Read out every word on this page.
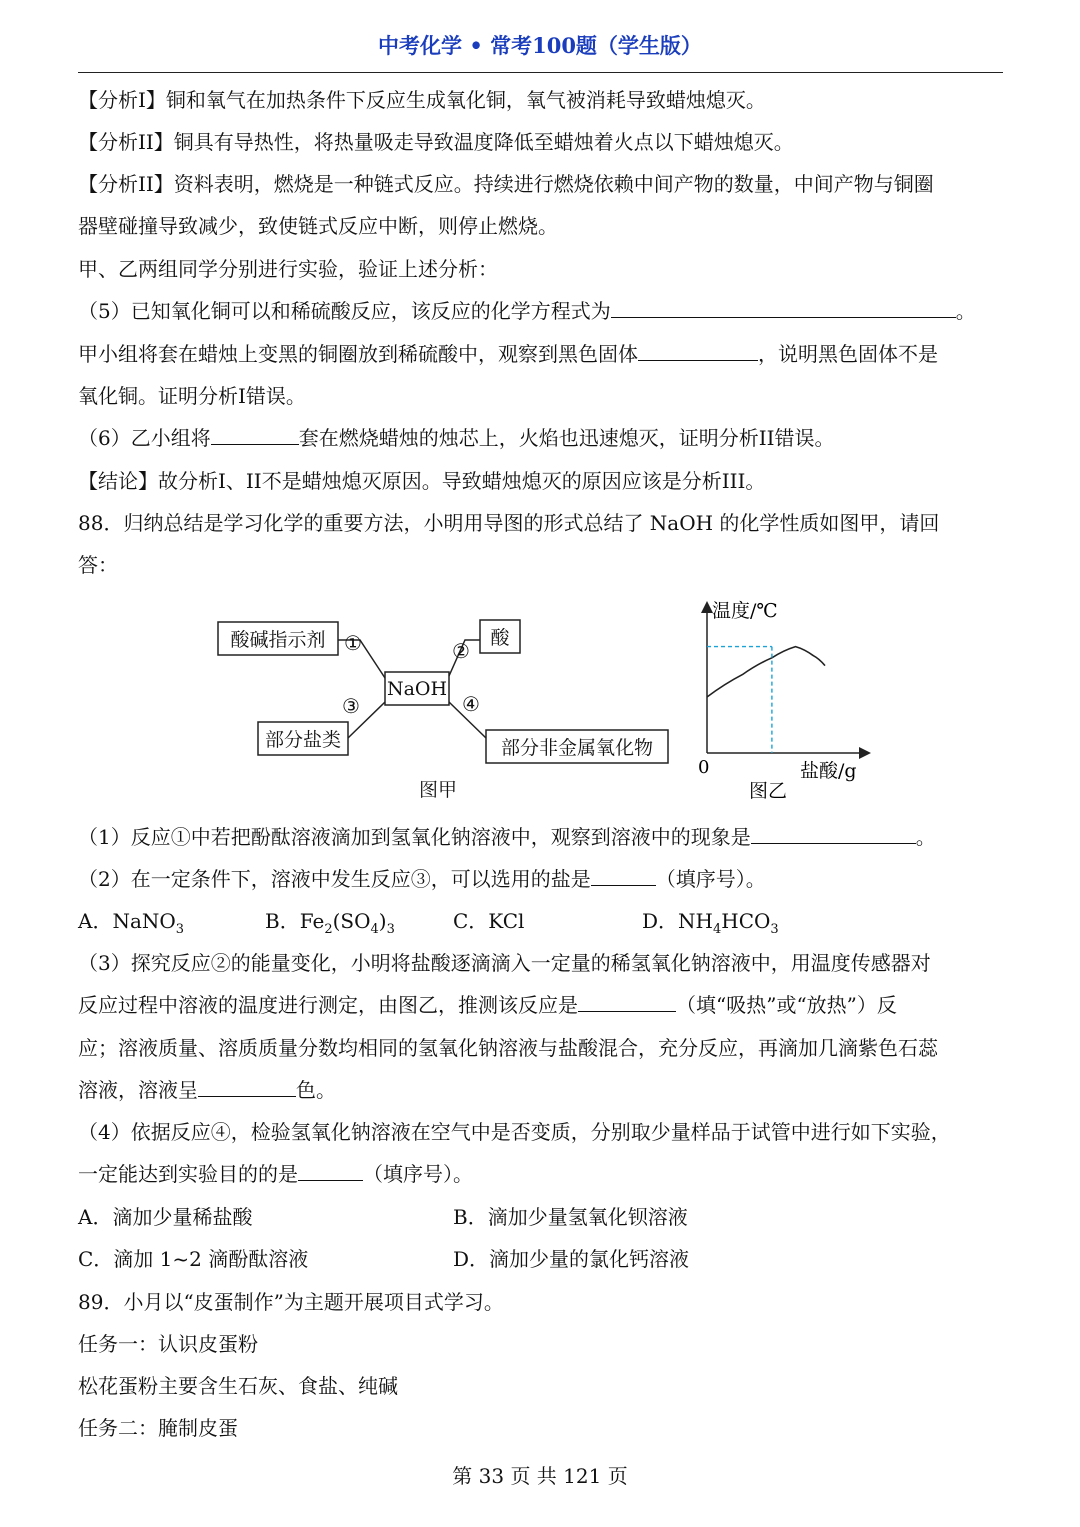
中考化学 • 常考100题（学生版）
【分析I】铜和氧气在加热条件下反应生成氧化铜，氧气被消耗导致蜡烛熄灭。
【分析II】铜具有导热性，将热量吸走导致温度降低至蜡烛着火点以下蜡烛熄灭。
【分析II】资料表明，燃烧是一种链式反应。持续进行燃烧依赖中间产物的数量，中间产物与铜圈
器壁碰撞导致减少，致使链式反应中断，则停止燃烧。
甲、乙两组同学分别进行实验，验证上述分析：
（5）已知氧化铜可以和稀硫酸反应，该反应的化学方程式为	。
甲小组将套在蜡烛上变黑的铜圈放到稀硫酸中，观察到黑色固体	，说明黑色固体不是
氧化铜。证明分析I错误。
（6）乙小组将	套在燃烧蜡烛的烛芯上，火焰也迅速熄灭，证明分析II错误。
【结论】故分析I、II不是蜡烛熄灭原因。导致蜡烛熄灭的原因应该是分析III。
88．归纳总结是学习化学的重要方法，小明用导图的形式总结了 NaOH 的化学性质如图甲，请回
答：
酸碱指示剂	酸
NaOH
部分盐类	部分非金属氧化物
①	②
③	④
图甲
温度/℃
盐酸/g
0
图乙
（1）反应①中若把酚酞溶液滴加到氢氧化钠溶液中，观察到溶液中的现象是	。
（2）在一定条件下，溶液中发生反应③，可以选用的盐是	（填序号）。
A．NaNO$_3$	B．$Fe_2(SO_4)_3$	C．KCl	D．$NH_4HCO_3$
（3）探究反应②的能量变化，小明将盐酸逐滴滴入一定量的稀氢氧化钠溶液中，用温度传感器对
反应过程中溶液的温度进行测定，由图乙，推测该反应是	（填“吸热”或“放热”）反
应；溶液质量、溶质质量分数均相同的氢氧化钠溶液与盐酸混合，充分反应，再滴加几滴紫色石蕊
溶液，溶液呈	色。
（4）依据反应④，检验氢氧化钠溶液在空气中是否变质，分别取少量样品于试管中进行如下实验，
一定能达到实验目的的是	（填序号）。
A．滴加少量稀盐酸	B．滴加少量氢氧化钡溶液
C．滴加 1~2 滴酚酞溶液	D．滴加少量的氯化钙溶液
89．小月以“皮蛋制作”为主题开展项目式学习。
任务一：认识皮蛋粉
松花蛋粉主要含生石灰、食盐、纯碱
任务二：腌制皮蛋
第 33 页 共 121 页
